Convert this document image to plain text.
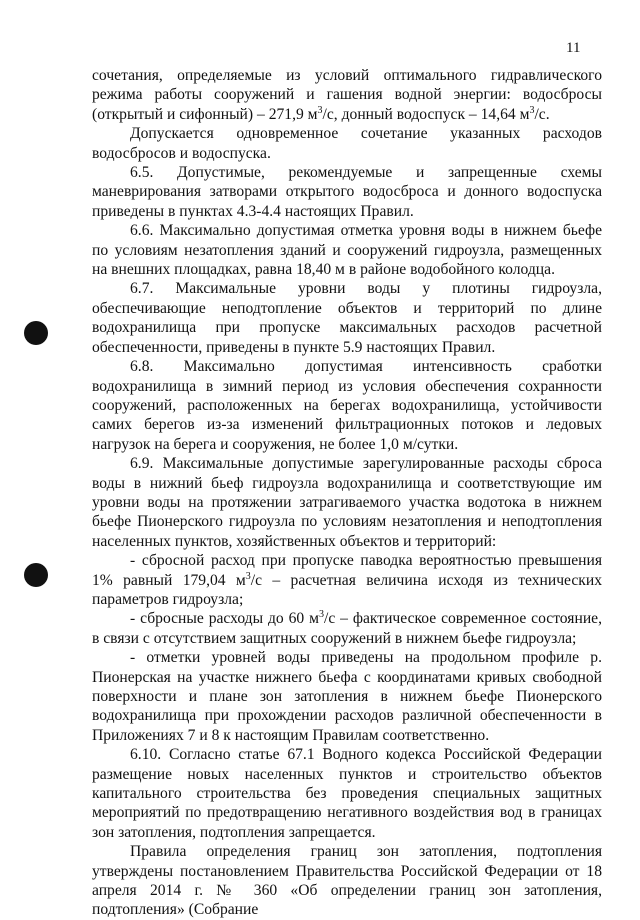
11

сочетания, определяемые из условий оптимального гидравлического режима работы сооружений и гашения водной энергии: водосбросы (открытый и сифонный) – 271,9 $м^3/с$, донный водоспуск – 14,64 $м^3/с$.

Допускается одновременное сочетание указанных расходов водосбросов и водоспуска.

6.5. Допустимые, рекомендуемые и запрещенные схемы маневрирования затворами открытого водосброса и донного водоспуска приведены в пунктах 4.3-4.4 настоящих Правил.

6.6. Максимально допустимая отметка уровня воды в нижнем бьефе по условиям незатопления зданий и сооружений гидроузла, размещенных на внешних площадках, равна 18,40 м в районе водобойного колодца.

6.7. Максимальные уровни воды у плотины гидроузла, обеспечивающие неподтопление объектов и территорий по длине водохранилища при пропуске максимальных расходов расчетной обеспеченности, приведены в пункте 5.9 настоящих Правил.

6.8. Максимально допустимая интенсивность сработки водохранилища в зимний период из условия обеспечения сохранности сооружений, расположенных на берегах водохранилища, устойчивости самих берегов из-за изменений фильтрационных потоков и ледовых нагрузок на берега и сооружения, не более 1,0 м/сутки.

6.9. Максимальные допустимые зарегулированные расходы сброса воды в нижний бьеф гидроузла водохранилища и соответствующие им уровни воды на протяжении затрагиваемого участка водотока в нижнем бьефе Пионерского гидроузла по условиям незатопления и неподтопления населенных пунктов, хозяйственных объектов и территорий:

- сбросной расход при пропуске паводка вероятностью превышения 1% равный 179,04 $м^3/с$ – расчетная величина исходя из технических параметров гидроузла;

- сбросные расходы до 60 $м^3/с$ – фактическое современное состояние, в связи с отсутствием защитных сооружений в нижнем бьефе гидроузла;

- отметки уровней воды приведены на продольном профиле р. Пионерская на участке нижнего бьефа с координатами кривых свободной поверхности и плане зон затопления в нижнем бьефе Пионерского водохранилища при прохождении расходов различной обеспеченности в Приложениях 7 и 8 к настоящим Правилам соответственно.

6.10. Согласно статье 67.1 Водного кодекса Российской Федерации размещение новых населенных пунктов и строительство объектов капитального строительства без проведения специальных защитных мероприятий по предотвращению негативного воздействия вод в границах зон затопления, подтопления запрещается.

Правила определения границ зон затопления, подтопления утверждены постановлением Правительства Российской Федерации от 18 апреля 2014 г. № 360 «Об определении границ зон затопления, подтопления» (Собрание
